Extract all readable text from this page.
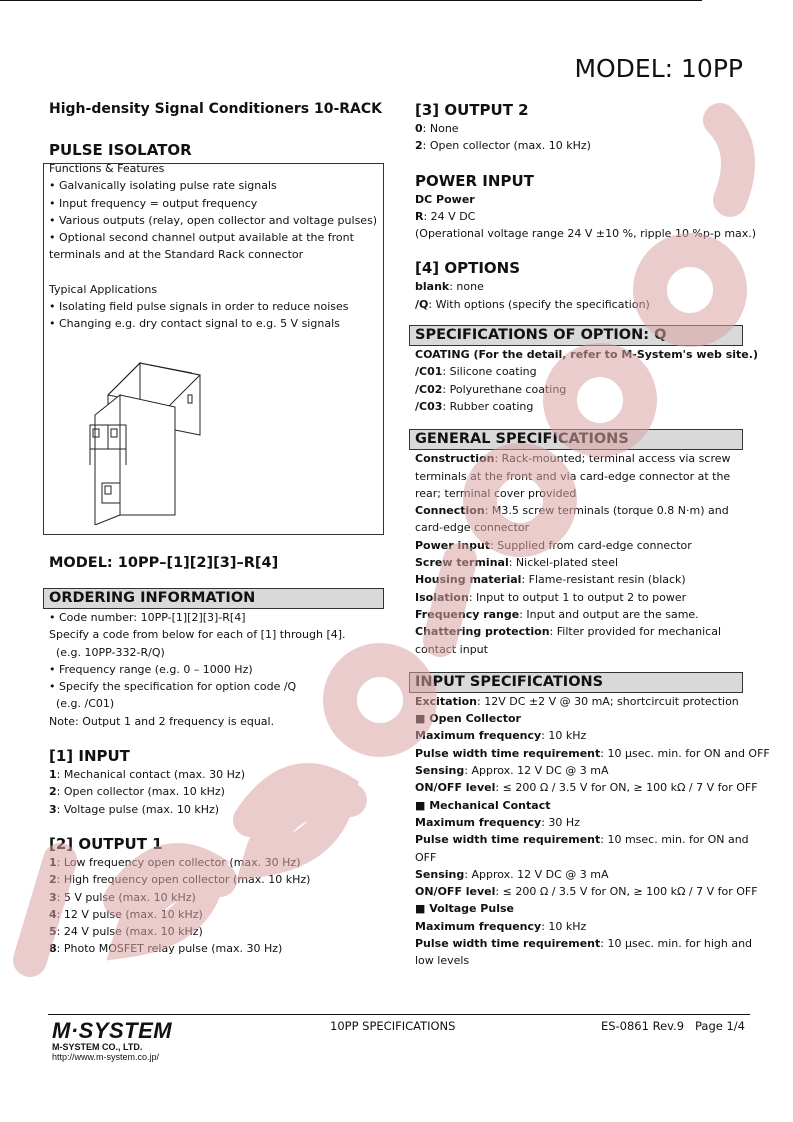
MODEL: 10PP
High-density Signal Conditioners 10-RACK
PULSE ISOLATOR
Functions & Features
• Galvanically isolating pulse rate signals
• Input frequency = output frequency
• Various outputs (relay, open collector and voltage pulses)
• Optional second channel output available at the front
terminals and at the Standard Rack connector
Typical Applications
• Isolating field pulse signals in order to reduce noises
• Changing e.g. dry contact signal to e.g. 5 V signals
MODEL: 10PP–[1][2][3]–R[4]
ORDERING INFORMATION
• Code number: 10PP-[1][2][3]-R[4]
Specify a code from below for each of [1] through [4].
(e.g. 10PP-332-R/Q)
• Frequency range (e.g. 0 – 1000 Hz)
• Specify the specification for option code /Q
(e.g. /C01)
Note: Output 1 and 2 frequency is equal.
[1] INPUT
1: Mechanical contact (max. 30 Hz)
2: Open collector (max. 10 kHz)
3: Voltage pulse (max. 10 kHz)
[2] OUTPUT 1
1: Low frequency open collector (max. 30 Hz)
2: High frequency open collector (max. 10 kHz)
3: 5 V pulse (max. 10 kHz)
4: 12 V pulse (max. 10 kHz)
5: 24 V pulse (max. 10 kHz)
8: Photo MOSFET relay pulse (max. 30 Hz)
[3] OUTPUT 2
0: None
2: Open collector (max. 10 kHz)
POWER INPUT
DC Power
R: 24 V DC
(Operational voltage range 24 V ±10 %, ripple 10 %p-p max.)
[4] OPTIONS
blank: none
/Q: With options (specify the specification)
SPECIFICATIONS OF OPTION: Q
COATING (For the detail, refer to M-System's web site.)
/C01: Silicone coating
/C02: Polyurethane coating
/C03: Rubber coating
GENERAL SPECIFICATIONS
Construction: Rack-mounted; terminal access via screw
terminals at the front and via card-edge connector at the
rear; terminal cover provided
Connection: M3.5 screw terminals (torque 0.8 N·m) and
card-edge connector
Power input: Supplied from card-edge connector
Screw terminal: Nickel-plated steel
Housing material: Flame-resistant resin (black)
Isolation: Input to output 1 to output 2 to power
Frequency range: Input and output are the same.
Chattering protection: Filter provided for mechanical
contact input
INPUT SPECIFICATIONS
Excitation: 12V DC ±2 V @ 30 mA; shortcircuit protection
■ Open Collector
Maximum frequency: 10 kHz
Pulse width time requirement: 10 μsec. min. for ON and OFF
Sensing: Approx. 12 V DC @ 3 mA
ON/OFF level: ≤ 200 Ω / 3.5 V for ON, ≥ 100 kΩ / 7 V for OFF
■ Mechanical Contact
Maximum frequency: 30 Hz
Pulse width time requirement: 10 msec. min. for ON and
OFF
Sensing: Approx. 12 V DC @ 3 mA
ON/OFF level: ≤ 200 Ω / 3.5 V for ON, ≥ 100 kΩ / 7 V for OFF
■ Voltage Pulse
Maximum frequency: 10 kHz
Pulse width time requirement: 10 μsec. min. for high and
low levels
M·SYSTEM
M-SYSTEM CO., LTD.
http://www.m-system.co.jp/
10PP SPECIFICATIONS	ES-0861 Rev.9   Page 1/4
